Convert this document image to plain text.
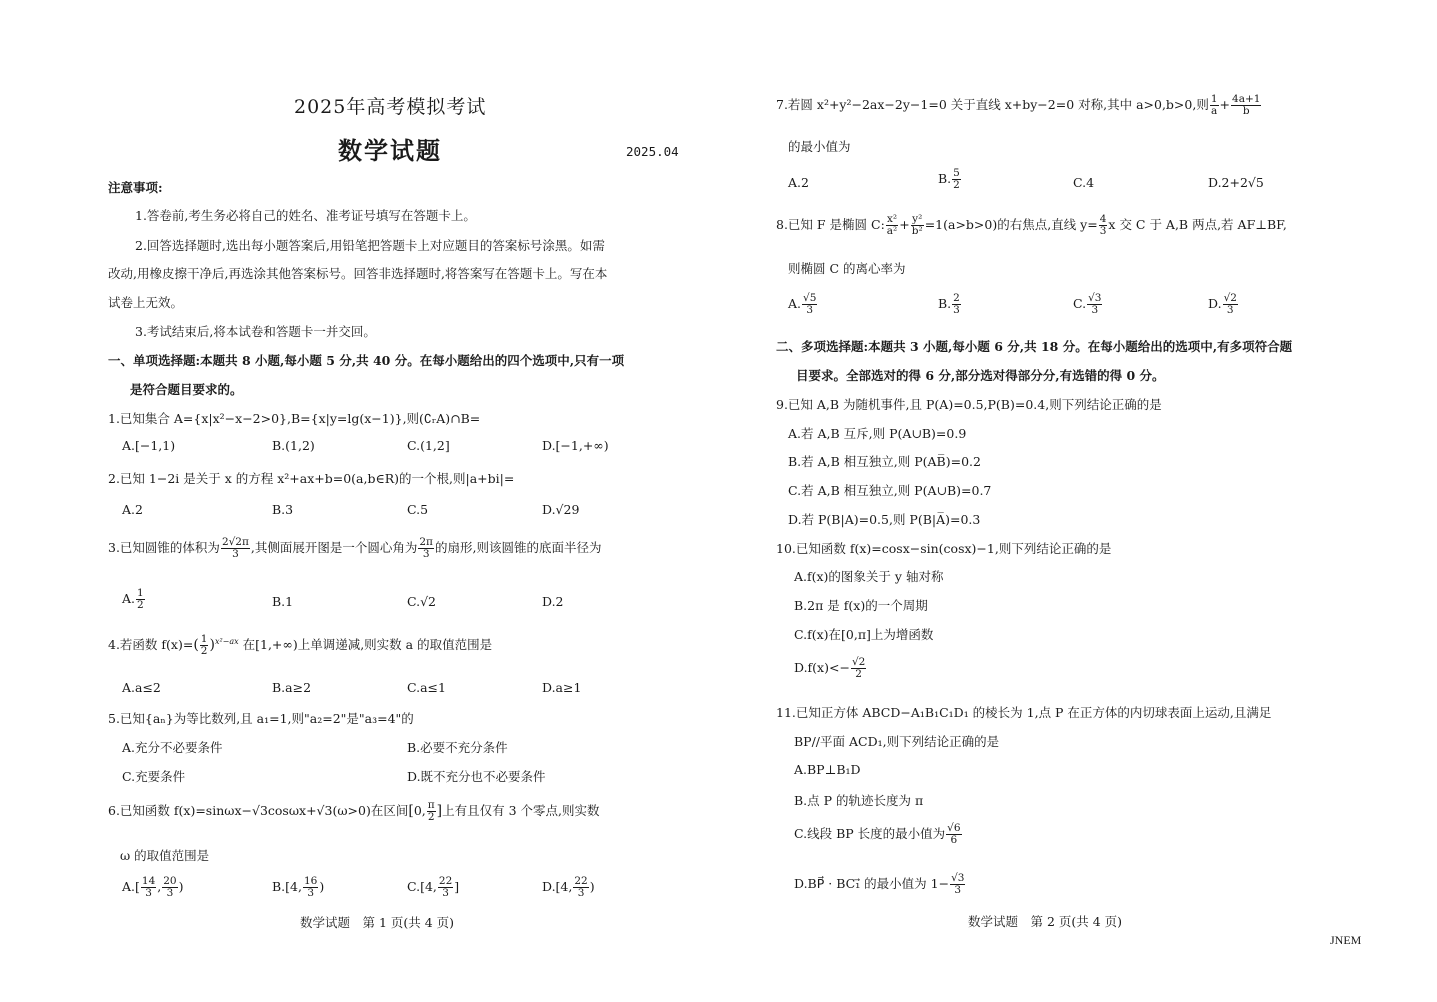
2025年高考模拟考试
数学试题	2025.04
注意事项:
1.答卷前,考生务必将自己的姓名、准考证号填写在答题卡上。
2.回答选择题时,选出每小题答案后,用铅笔把答题卡上对应题目的答案标号涂黑。如需
改动,用橡皮擦干净后,再选涂其他答案标号。回答非选择题时,将答案写在答题卡上。写在本
试卷上无效。
3.考试结束后,将本试卷和答题卡一并交回。
一、单项选择题:本题共 8 小题,每小题 5 分,共 40 分。在每小题给出的四个选项中,只有一项
是符合题目要求的。
1.已知集合 A={x|x²−x−2>0},B={x|y=lg(x−1)},则(∁ᵣA)∩B=
A.[−1,1)	B.(1,2)	C.(1,2]	D.[−1,+∞)
2.已知 1−2i 是关于 x 的方程 x²+ax+b=0(a,b∈R)的一个根,则|a+bi|=
A.2	B.3	C.5	D.√29
3.已知圆锥的体积为 $\frac{2√2\pi}{3}$ ,其侧面展开图是一个圆心角为 $\frac{2\pi}{3}$ 的扇形,则该圆锥的底面半径为
A. $\frac{1}{2}$	B.1	C.√2	D.2
4.若函数 $f(x)=( \frac{1}{2} )^{x^2-ax}$ 在[1,+∞)上单调递减,则实数 a 的取值范围是
A.a≤2	B.a≥2	C.a≤1	D.a≥1
5.已知{aₙ}为等比数列,且 a₁=1,则"a₂=2"是"a₃=4"的
A.充分不必要条件	B.必要不充分条件
C.充要条件	D.既不充分也不必要条件
6.已知函数 f(x)=sinωx−√3cosωx+√3(ω>0)在区间[0, $\frac{\pi}{2}$ ]上有且仅有 3 个零点,则实数
ω 的取值范围是
$A.[ \frac{14}{3}$ , $\frac{20}{3}$ )	B.[4, $\frac{16}{3}$ )	C.[4, $\frac{22}{3}$ ]	D.[4, $\frac{22}{3}$ )
数学试题　第 1 页(共 4 页)
7.若圆 x²+y²−2ax−2y−1=0 关于直线 x+by−2=0 对称,其中 a>0,b>0,则 $\frac{1}{a} + \frac{4a+1}{b}$
的最小值为
A.2	B. $\frac{5}{2}$	C.4	D.2+2√5
8.已知 F 是椭圆 C: $\frac{\text{x²}}{\text{a²}} + \frac{\text{y²}}{\text{b²}} =1(a>b>0)$的右焦点,直线 $y= \frac{4}{3}$ x 交 C 于 A,B 两点,若 AF⊥BF,
则椭圆 C 的离心率为
A. $\frac{√5}{3}$	B. $\frac{2}{3}$	C. $\frac{√3}{3}$	D. $\frac{√2}{3}$
二、多项选择题:本题共 3 小题,每小题 6 分,共 18 分。在每小题给出的选项中,有多项符合题
目要求。全部选对的得 6 分,部分选对得部分分,有选错的得 0 分。
9.已知 A,B 为随机事件,且 P(A)=0.5,P(B)=0.4,则下列结论正确的是
A.若 A,B 互斥,则 P(A∪B)=0.9
B.若 A,B 相互独立,则 P(AB̅)=0.2
C.若 A,B 相互独立,则 P(A∪B)=0.7
D.若 P(B|A)=0.5,则 P(B|A̅)=0.3
10.已知函数 f(x)=cosx−sin(cosx)−1,则下列结论正确的是
A.f(x)的图象关于 y 轴对称
B.2π 是 f(x)的一个周期
C.f(x)在[0,π]上为增函数
$D.f(x)<- \frac{√2}{2}$
11.已知正方体 ABCD−A₁B₁C₁D₁ 的棱长为 1,点 P 在正方体的内切球表面上运动,且满足
BP//平面 ACD₁,则下列结论正确的是
A.BP⊥B₁D
B.点 P 的轨迹长度为 π
C.线段 BP 长度的最小值为 $\frac{√6}{6}$
D.BP⃗ · BC₁⃗ 的最小值为 $1- \frac{√3}{3}$
数学试题　第 2 页(共 4 页)
JNEM
